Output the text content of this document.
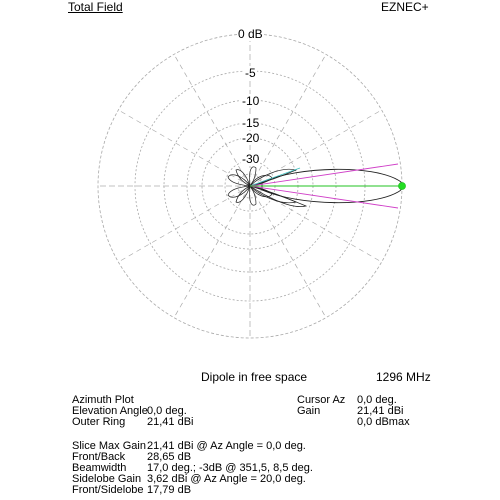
Total Field	EZNEC+
0 dB
-5
-10
-15
-20
-30
Dipole in free space	1296 MHz
Azimuth Plot
Elevation Angle 0,0 deg.
Outer Ring 21,41 dBi
Cursor Az 0,0 deg.
Gain	21,41 dBi
0,0 dBmax
Slice Max Gain 21,41 dBi @ Az Angle = 0,0 deg.
Front/Back 28,65 dB
Beamwidth 17,0 deg.; -3dB @ 351,5, 8,5 deg.
Sidelobe Gain 3,62 dBi @ Az Angle = 20,0 deg.
Front/Sidelobe 17,79 dB
